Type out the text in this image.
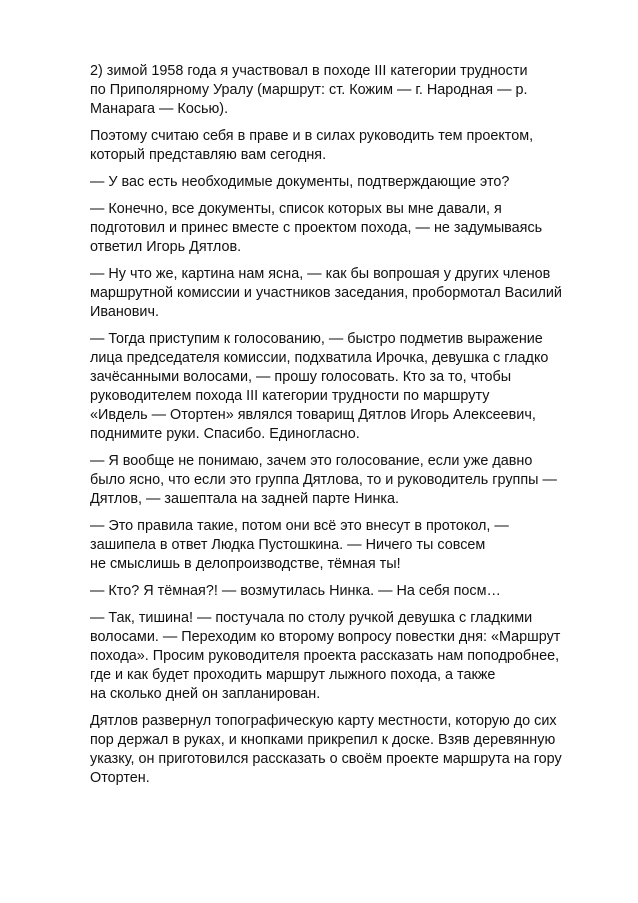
2) зимой 1958 года я участвовал в походе III категории трудности
по Приполярному Уралу (маршрут: ст. Кожим — г. Народная — р.
Манарага — Косью).

Поэтому считаю себя в праве и в силах руководить тем проектом,
который представляю вам сегодня.

— У вас есть необходимые документы, подтверждающие это?

— Конечно, все документы, список которых вы мне давали, я
подготовил и принес вместе с проектом похода, — не задумываясь
ответил Игорь Дятлов.

— Ну что же, картина нам ясна, — как бы вопрошая у других членов
маршрутной комиссии и участников заседания, пробормотал Василий
Иванович.

— Тогда приступим к голосованию, — быстро подметив выражение
лица председателя комиссии, подхватила Ирочка, девушка с гладко
зачёсанными волосами, — прошу голосовать. Кто за то, чтобы
руководителем похода III категории трудности по маршруту
«Ивдель — Отортен» являлся товарищ Дятлов Игорь Алексеевич,
поднимите руки. Спасибо. Единогласно.

— Я вообще не понимаю, зачем это голосование, если уже давно
было ясно, что если это группа Дятлова, то и руководитель группы —
Дятлов, — зашептала на задней парте Нинка.

— Это правила такие, потом они всё это внесут в протокол, —
зашипела в ответ Людка Пустошкина. — Ничего ты совсем
не смыслишь в делопроизводстве, тёмная ты!

— Кто? Я тёмная?! — возмутилась Нинка. — На себя посм…

— Так, тишина! — постучала по столу ручкой девушка с гладкими
волосами. — Переходим ко второму вопросу повестки дня: «Маршрут
похода». Просим руководителя проекта рассказать нам поподробнее,
где и как будет проходить маршрут лыжного похода, а также
на сколько дней он запланирован.

Дятлов развернул топографическую карту местности, которую до сих
пор держал в руках, и кнопками прикрепил к доске. Взяв деревянную
указку, он приготовился рассказать о своём проекте маршрута на гору
Отортен.
